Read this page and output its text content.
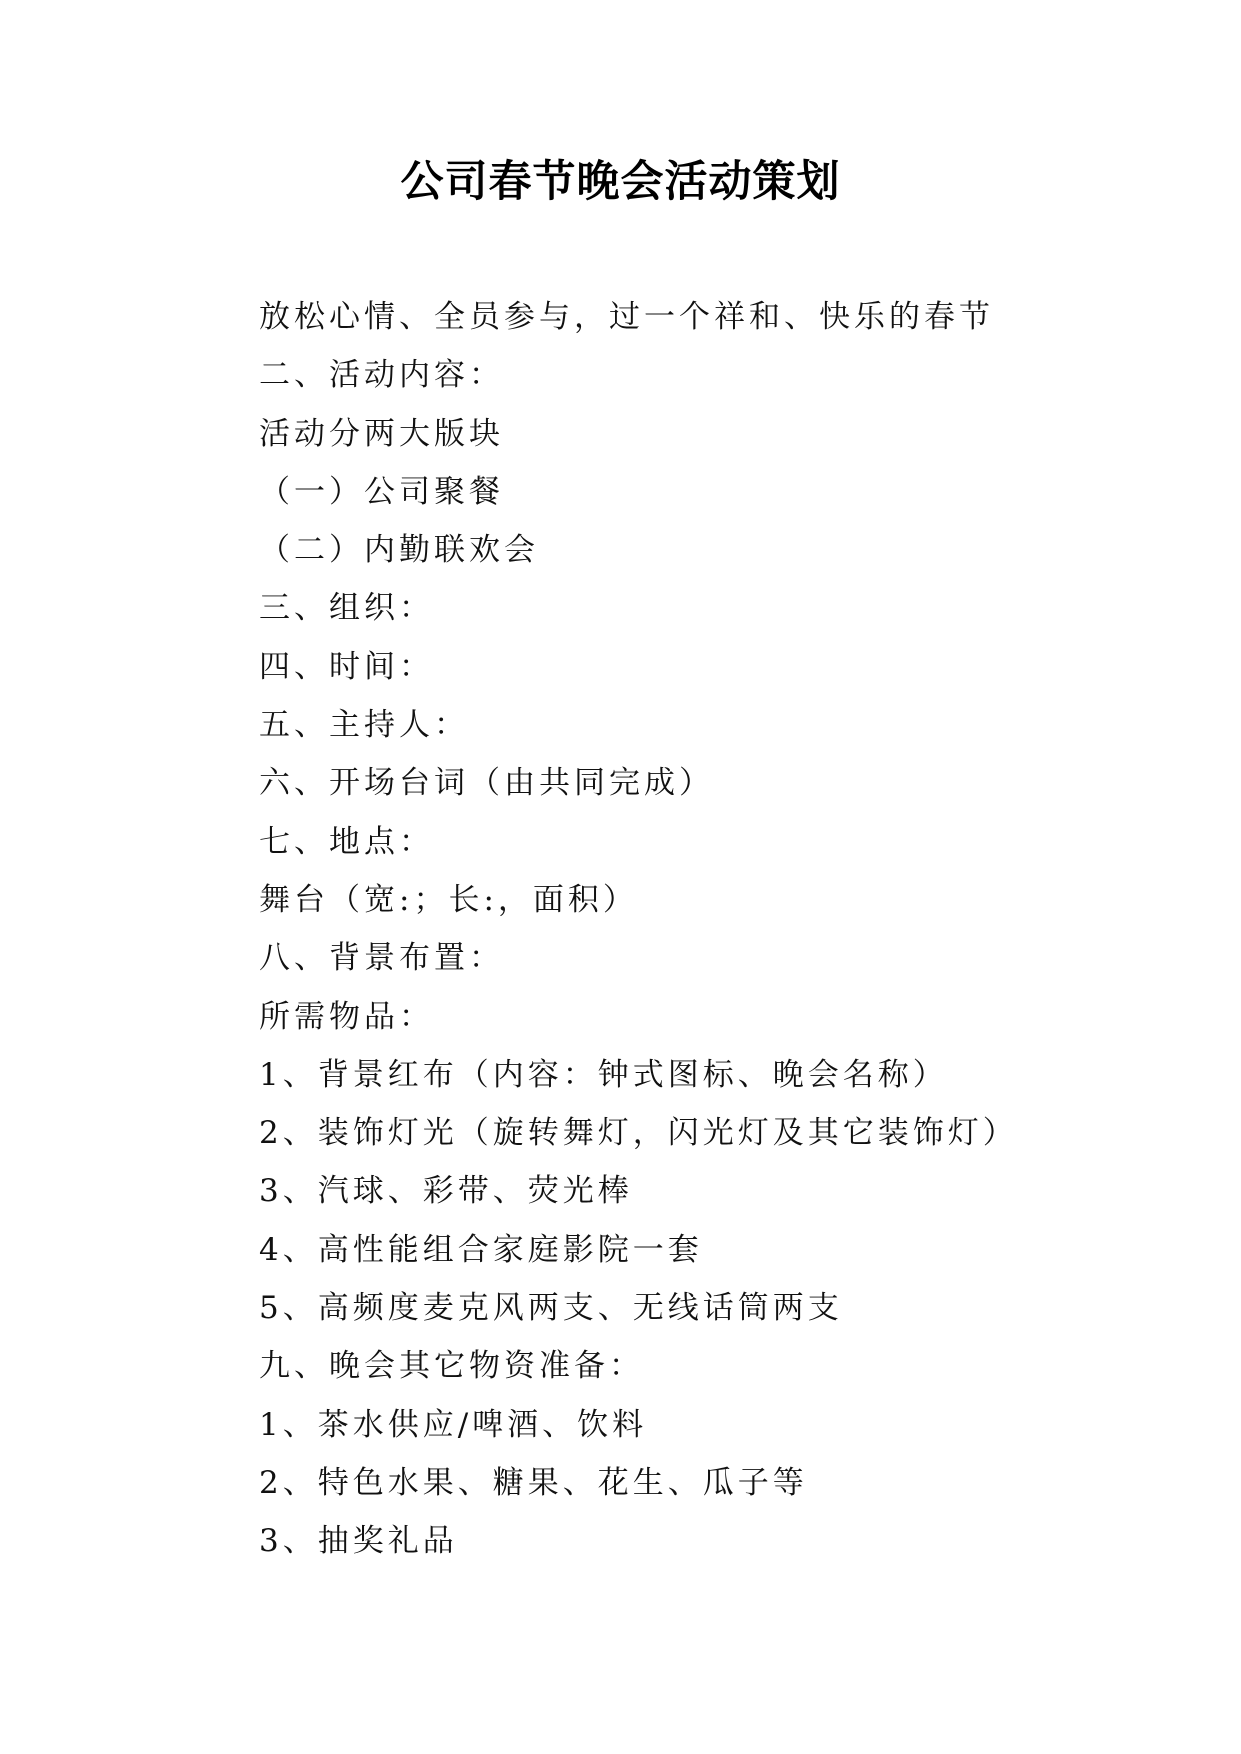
公司春节晚会活动策划
放松心情、全员参与，过一个祥和、快乐的春节
二、活动内容：
活动分两大版块
（一）公司聚餐
（二）内勤联欢会
三、组织：
四、时间：
五、主持人：
六、开场台词（由共同完成）
七、地点：
舞台（宽:；长:，面积）
八、背景布置：
所需物品：
1、背景红布（内容：钟式图标、晚会名称）
2、装饰灯光（旋转舞灯，闪光灯及其它装饰灯）
3、汽球、彩带、荧光棒
4、高性能组合家庭影院一套
5、高频度麦克风两支、无线话筒两支
九、晚会其它物资准备：
1、茶水供应/啤酒、饮料
2、特色水果、糖果、花生、瓜子等
3、抽奖礼品
